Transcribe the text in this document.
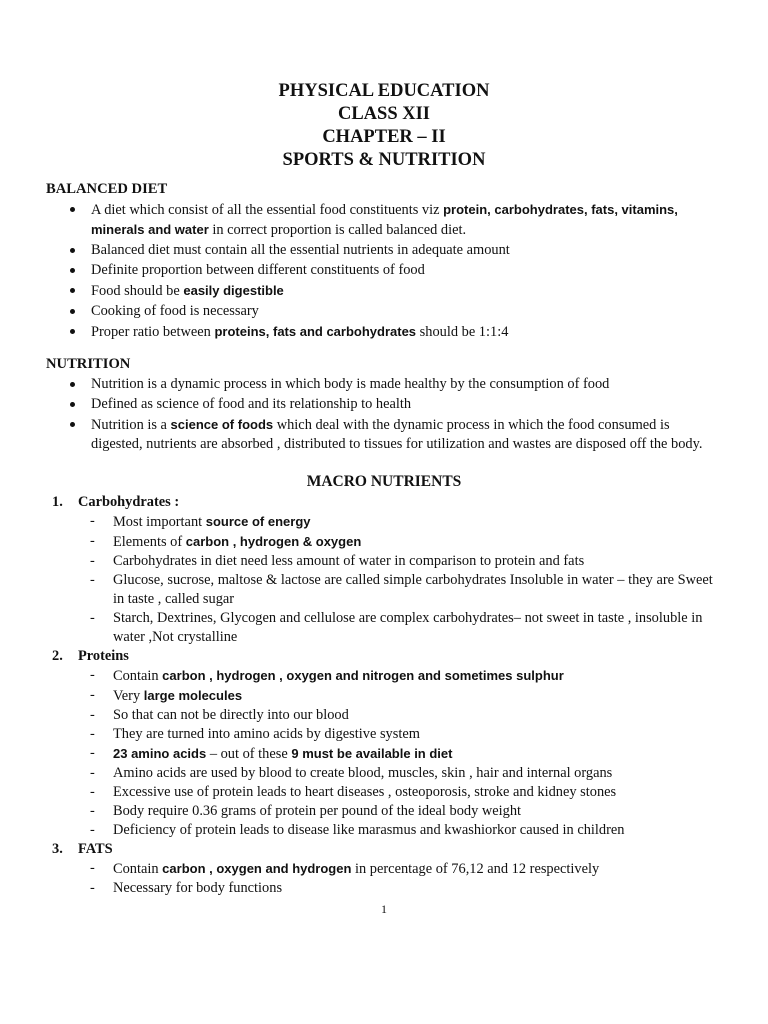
PHYSICAL EDUCATION
CLASS XII
CHAPTER – II
SPORTS & NUTRITION
BALANCED DIET
A diet which consist of all the essential food constituents viz protein, carbohydrates, fats, vitamins, minerals and water in correct proportion is called balanced diet.
Balanced diet must contain all the essential nutrients in adequate amount
Definite proportion between different constituents of food
Food should be easily digestible
Cooking of food is necessary
Proper ratio between proteins, fats and carbohydrates should be 1:1:4
NUTRITION
Nutrition is a dynamic process in which body is made healthy by the consumption of food
Defined as science of food and its relationship to health
Nutrition is a science of foods which deal with the dynamic process in which the food consumed is digested, nutrients are absorbed , distributed to tissues for utilization and wastes are disposed off the body.
MACRO NUTRIENTS
1. Carbohydrates :
- Most important source of energy
- Elements of carbon , hydrogen & oxygen
- Carbohydrates in diet need less amount of water in comparison to protein and fats
- Glucose, sucrose, maltose & lactose are called simple carbohydrates Insoluble in water – they are Sweet in taste , called sugar
- Starch, Dextrines, Glycogen and cellulose are complex carbohydrates– not sweet in taste , insoluble in water ,Not crystalline
2. Proteins
- Contain carbon , hydrogen , oxygen and nitrogen and sometimes sulphur
- Very large molecules
- So that can not be directly into our blood
- They are turned into amino acids by digestive system
- 23 amino acids – out of these 9 must be available in diet
- Amino acids are used by blood to create blood, muscles, skin , hair and internal organs
- Excessive use of protein leads to heart diseases , osteoporosis, stroke and kidney stones
- Body require 0.36 grams of protein per pound of the ideal body weight
- Deficiency of protein leads to disease like marasmus and kwashiorkor caused in children
3. FATS
- Contain carbon , oxygen and hydrogen in percentage of 76,12 and 12 respectively
- Necessary for body functions
1
